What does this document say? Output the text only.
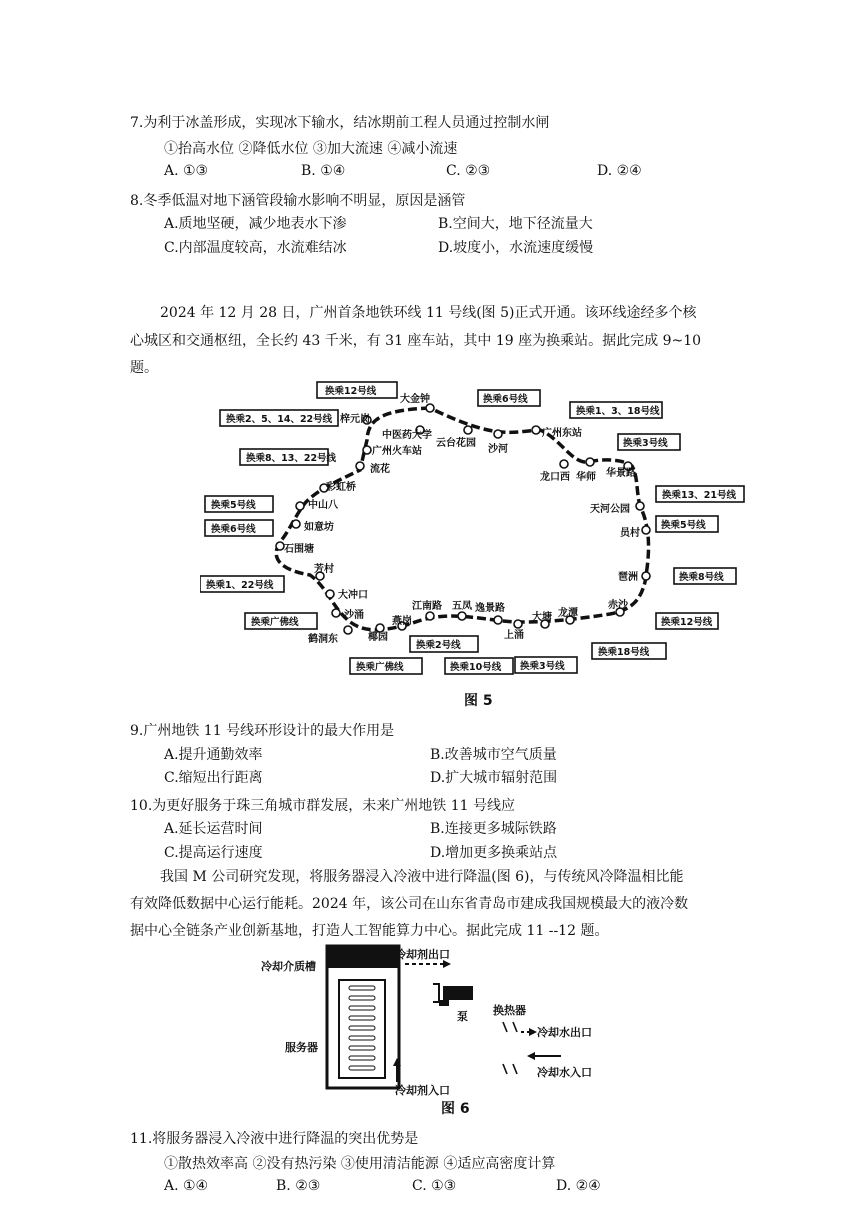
7.为利于冰盖形成，实现冰下输水，结冰期前工程人员通过控制水闸
①抬高水位 ②降低水位 ③加大流速 ④减小流速
A. ①③	B. ①④	C. ②③	D. ②④
8.冬季低温对地下涵管段输水影响不明显，原因是涵管
A.质地坚硬，减少地表水下渗	B.空间大，地下径流量大
C.内部温度较高，水流难结冰	D.坡度小，水流速度缓慢
2024 年 12 月 28 日，广州首条地铁环线 11 号线(图 5)正式开通。该环线途经多个核
心城区和交通枢纽，全长约 43 千米，有 31 座车站，其中 19 座为换乘站。据此完成 9~10
题。
大金钟
梓元岗
中医药大学
广州火车站
流花
彩虹桥
中山八
如意坊
石围塘
芳村
大冲口
沙涌
鹤洞东	椰园
燕岗
江南路 五凤 逸景路
上涌
大塘 龙潭
赤沙
琶洲
员村
天河公园
华景路
华师
龙口西
沙河
云台花园
广州东站
换乘12号线
换乘2、5、14、22号线
换乘8、13、22号线
换乘5号线
换乘6号线
换乘1、22号线
换乘广佛线
换乘广佛线
换乘2号线
换乘10号线 换乘3号线
换乘18号线
换乘12号线
换乘8号线
换乘5号线
换乘13、21号线
换乘3号线
换乘1、3、18号线
换乘6号线
图 5
9.广州地铁 11 号线环形设计的最大作用是
A.提升通勤效率	B.改善城市空气质量
C.缩短出行距离	D.扩大城市辐射范围
10.为更好服务于珠三角城市群发展，未来广州地铁 11 号线应
A.延长运营时间	B.连接更多城际铁路
C.提高运行速度	D.增加更多换乘站点
我国 M 公司研究发现，将服务器浸入冷液中进行降温(图 6)，与传统风冷降温相比能
有效降低数据中心运行能耗。2024 年，该公司在山东省青岛市建成我国规模最大的液冷数
据中心全链条产业创新基地，打造人工智能算力中心。据此完成 11 --12 题。
冷却剂出口
冷却介质槽
泵 换热器
冷却水出口
服务器
冷却水入口
冷却剂入口
图 6
11.将服务器浸入冷液中进行降温的突出优势是
①散热效率高 ②没有热污染 ③使用清洁能源 ④适应高密度计算
A. ①④	B. ②③	C. ①③	D. ②④
